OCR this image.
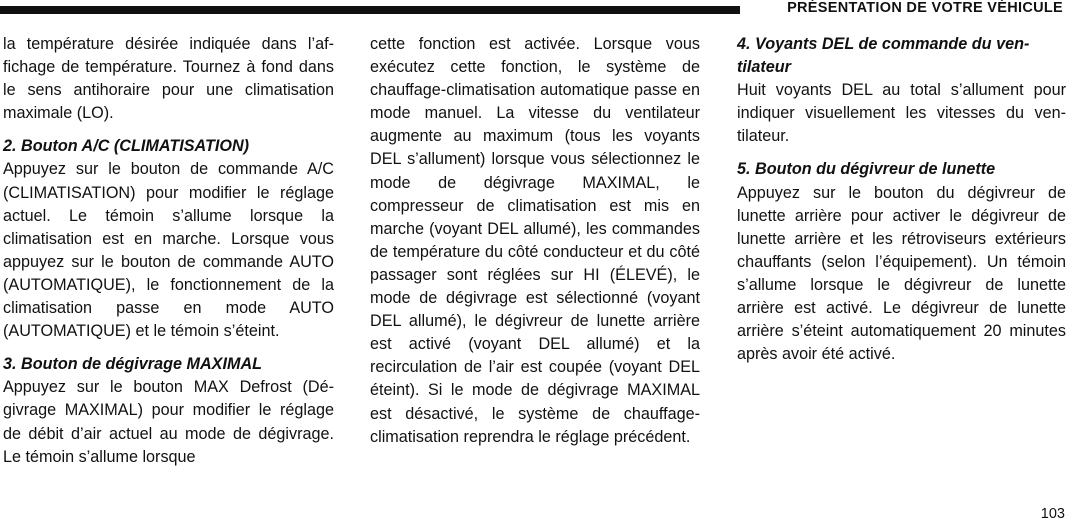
PRÉSENTATION DE VOTRE VÉHICULE

la température désirée indiquée dans l’affichage de température. Tournez à fond dans le sens antihoraire pour une climatisation maximale (LO).

2. Bouton A/C (CLIMATISATION)

Appuyez sur le bouton de commande A/C (CLIMATISATION) pour modifier le réglage actuel. Le témoin s’allume lorsque la climatisation est en marche. Lorsque vous appuyez sur le bouton de commande AUTO (AUTOMATIQUE), le fonctionnement de la climatisation passe en mode AUTO (AUTOMATIQUE) et le témoin s’éteint.

3. Bouton de dégivrage MAXIMAL

Appuyez sur le bouton MAX Defrost (Dégivrage MAXIMAL) pour modifier le réglage de débit d’air actuel au mode de dégivrage. Le témoin s’allume lorsque

cette fonction est activée. Lorsque vous exécutez cette fonction, le système de chauffage-climatisation automatique passe en mode manuel. La vitesse du ventilateur augmente au maximum (tous les voyants DEL s’allument) lorsque vous sélectionnez le mode de dégivrage MAXIMAL, le compresseur de climatisation est mis en marche (voyant DEL allumé), les commandes de température du côté conducteur et du côté passager sont réglées sur HI (ÉLEVÉ), le mode de dégivrage est sélectionné (voyant DEL allumé), le dégivreur de lunette arrière est activé (voyant DEL allumé) et la recirculation de l’air est coupée (voyant DEL éteint). Si le mode de dégivrage MAXIMAL est désactivé, le système de chauffage-climatisation reprendra le réglage précédent.

4. Voyants DEL de commande du ventilateur

Huit voyants DEL au total s’allument pour indiquer visuellement les vitesses du ventilateur.

5. Bouton du dégivreur de lunette

Appuyez sur le bouton du dégivreur de lunette arrière pour activer le dégivreur de lunette arrière et les rétroviseurs extérieurs chauffants (selon l’équipement). Un témoin s’allume lorsque le dégivreur de lunette arrière est activé. Le dégivreur de lunette arrière s’éteint automatiquement 20 minutes après avoir été activé.

103
